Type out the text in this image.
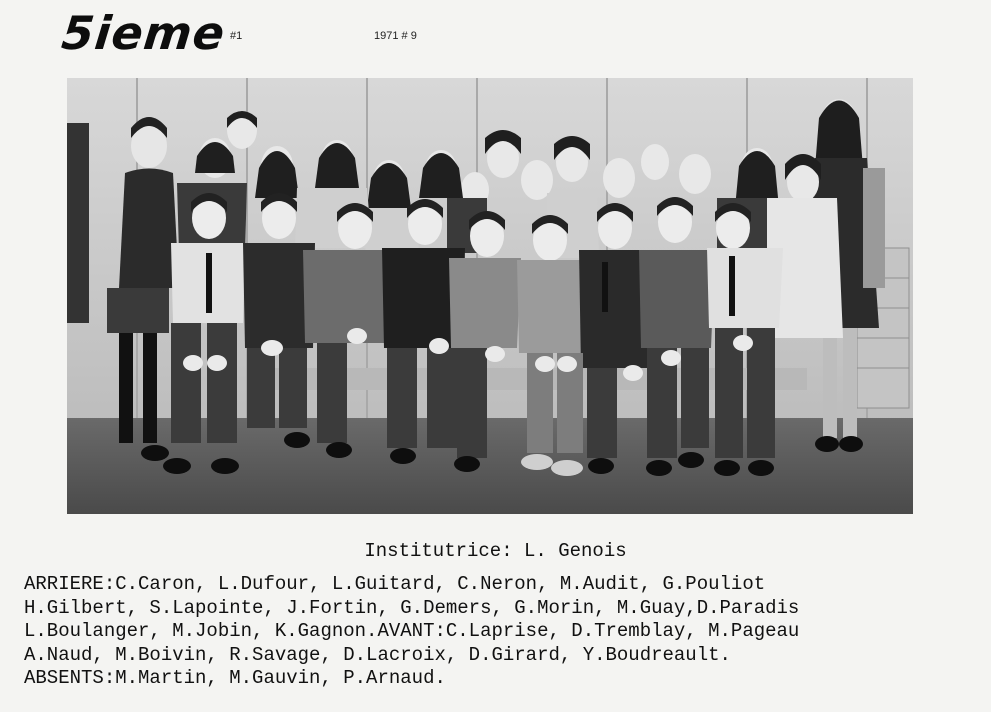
5ieme #1	1971 # 9
Institutrice: L. Genois
ARRIERE:C.Caron, L.Dufour, L.Guitard, C.Neron, M.Audit, G.Pouliot
H.Gilbert, S.Lapointe, J.Fortin, G.Demers, G.Morin, M.Guay,D.Paradis
L.Boulanger, M.Jobin, K.Gagnon.AVANT:C.Laprise, D.Tremblay, M.Pageau
A.Naud, M.Boivin, R.Savage, D.Lacroix, D.Girard, Y.Boudreault.
ABSENTS:M.Martin, M.Gauvin, P.Arnaud.
